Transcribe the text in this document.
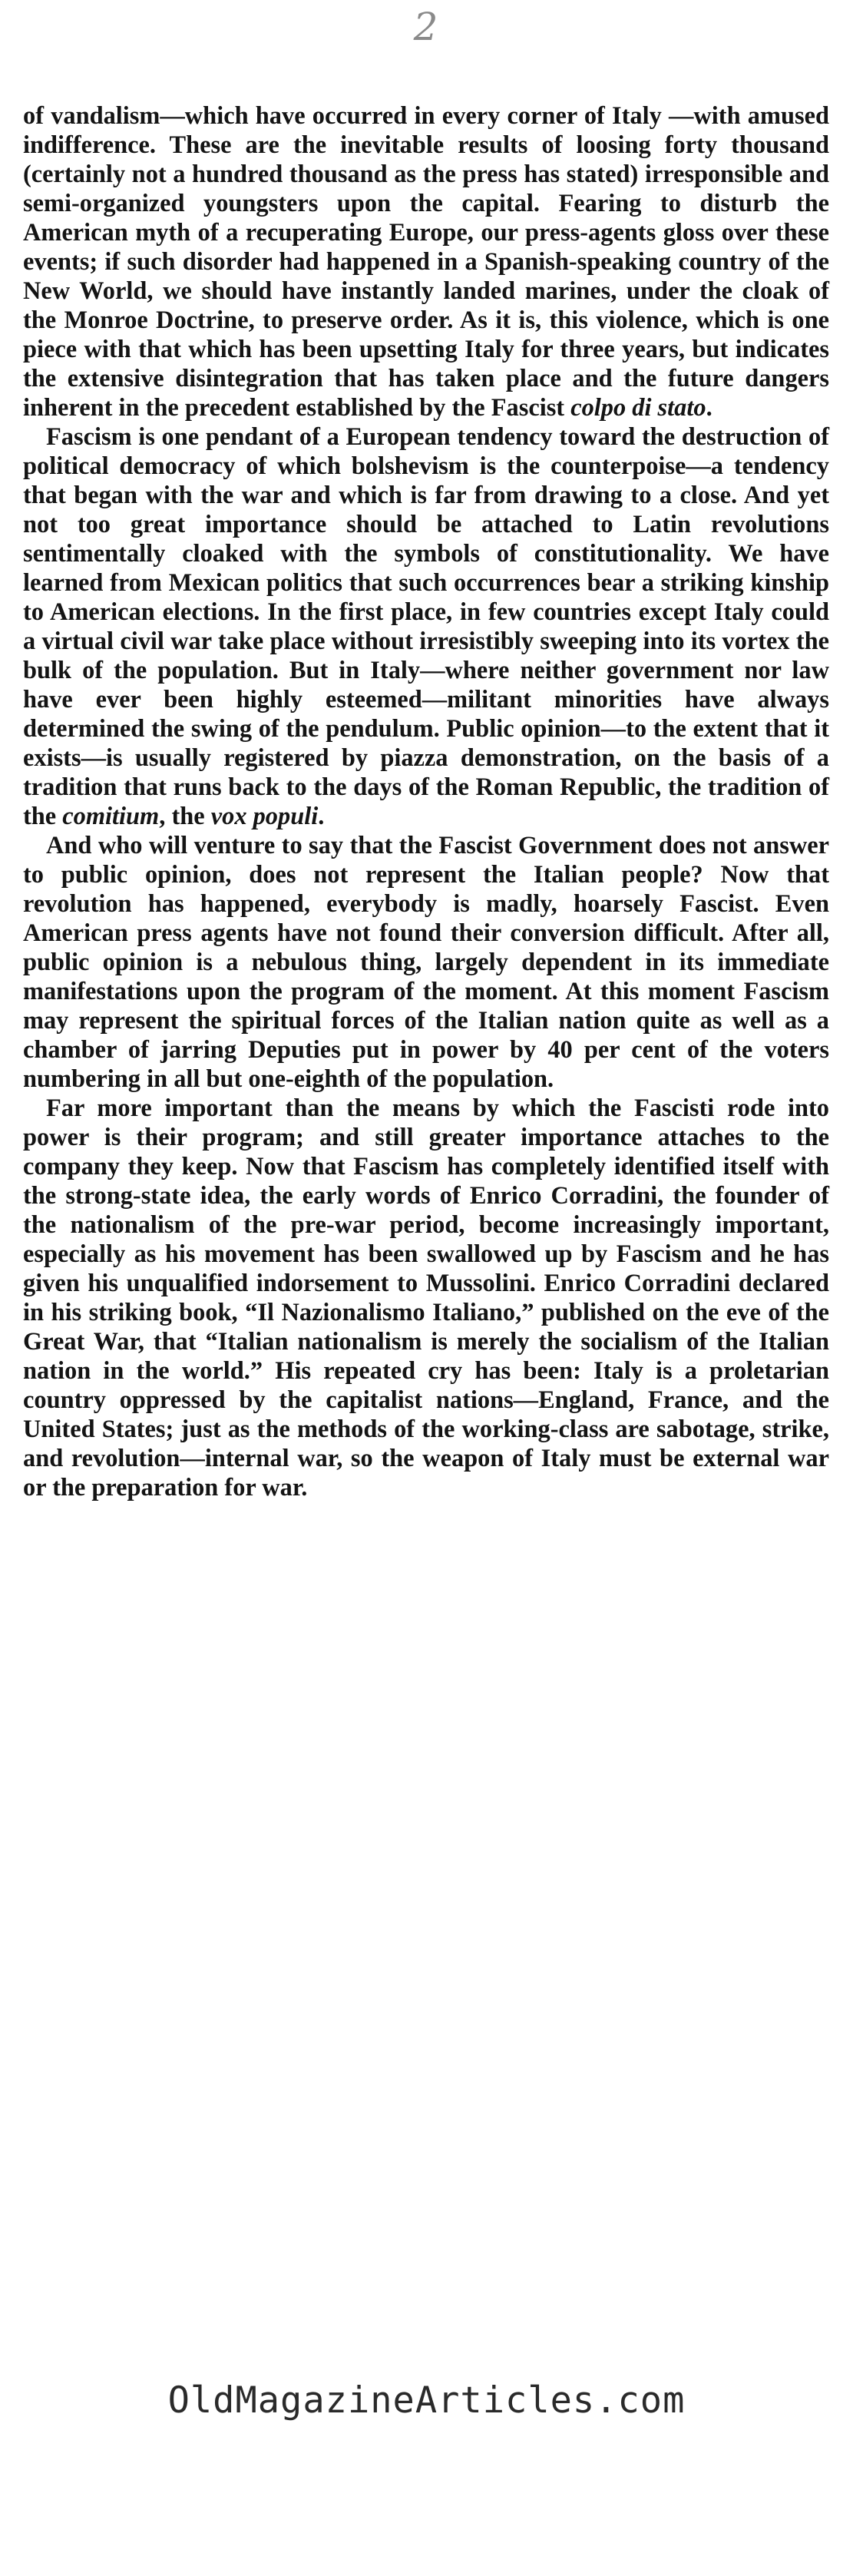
2

of vandalism—which have occurred in every corner of Italy —with amused indifference. These are the inevitable results of loosing forty thousand (certainly not a hundred thousand as the press has stated) irresponsible and semi-organized youngsters upon the capital. Fearing to disturb the American myth of a recuperating Europe, our press-agents gloss over these events; if such disorder had happened in a Spanish-speaking country of the New World, we should have instantly landed marines, under the cloak of the Monroe Doctrine, to preserve order. As it is, this violence, which is one piece with that which has been upsetting Italy for three years, but indicates the extensive disintegration that has taken place and the future dangers inherent in the precedent established by the Fascist colpo di stato.

Fascism is one pendant of a European tendency toward the destruction of political democracy of which bolshevism is the counterpoise—a tendency that began with the war and which is far from drawing to a close. And yet not too great importance should be attached to Latin revolutions sentimentally cloaked with the symbols of constitutionality. We have learned from Mexican politics that such occurrences bear a striking kinship to American elections. In the first place, in few countries except Italy could a virtual civil war take place without irresistibly sweeping into its vortex the bulk of the population. But in Italy—where neither government nor law have ever been highly esteemed—militant minorities have always determined the swing of the pendulum. Public opinion—to the extent that it exists—is usually registered by piazza demonstration, on the basis of a tradition that runs back to the days of the Roman Republic, the tradition of the comitium, the vox populi.

And who will venture to say that the Fascist Government does not answer to public opinion, does not represent the Italian people? Now that revolution has happened, everybody is madly, hoarsely Fascist. Even American press agents have not found their conversion difficult. After all, public opinion is a nebulous thing, largely dependent in its immediate manifestations upon the program of the moment. At this moment Fascism may represent the spiritual forces of the Italian nation quite as well as a chamber of jarring Deputies put in power by 40 per cent of the voters numbering in all but one-eighth of the population.

Far more important than the means by which the Fascisti rode into power is their program; and still greater importance attaches to the company they keep. Now that Fascism has completely identified itself with the strong-state idea, the early words of Enrico Corradini, the founder of the nationalism of the pre-war period, become increasingly important, especially as his movement has been swallowed up by Fascism and he has given his unqualified indorsement to Mussolini. Enrico Corradini declared in his striking book, “Il Nazionalismo Italiano,” published on the eve of the Great War, that “Italian nationalism is merely the socialism of the Italian nation in the world.” His repeated cry has been: Italy is a proletarian country oppressed by the capitalist nations—England, France, and the United States; just as the methods of the working-class are sabotage, strike, and revolution—internal war, so the weapon of Italy must be external war or the preparation for war.

OldMagazineArticles.com
